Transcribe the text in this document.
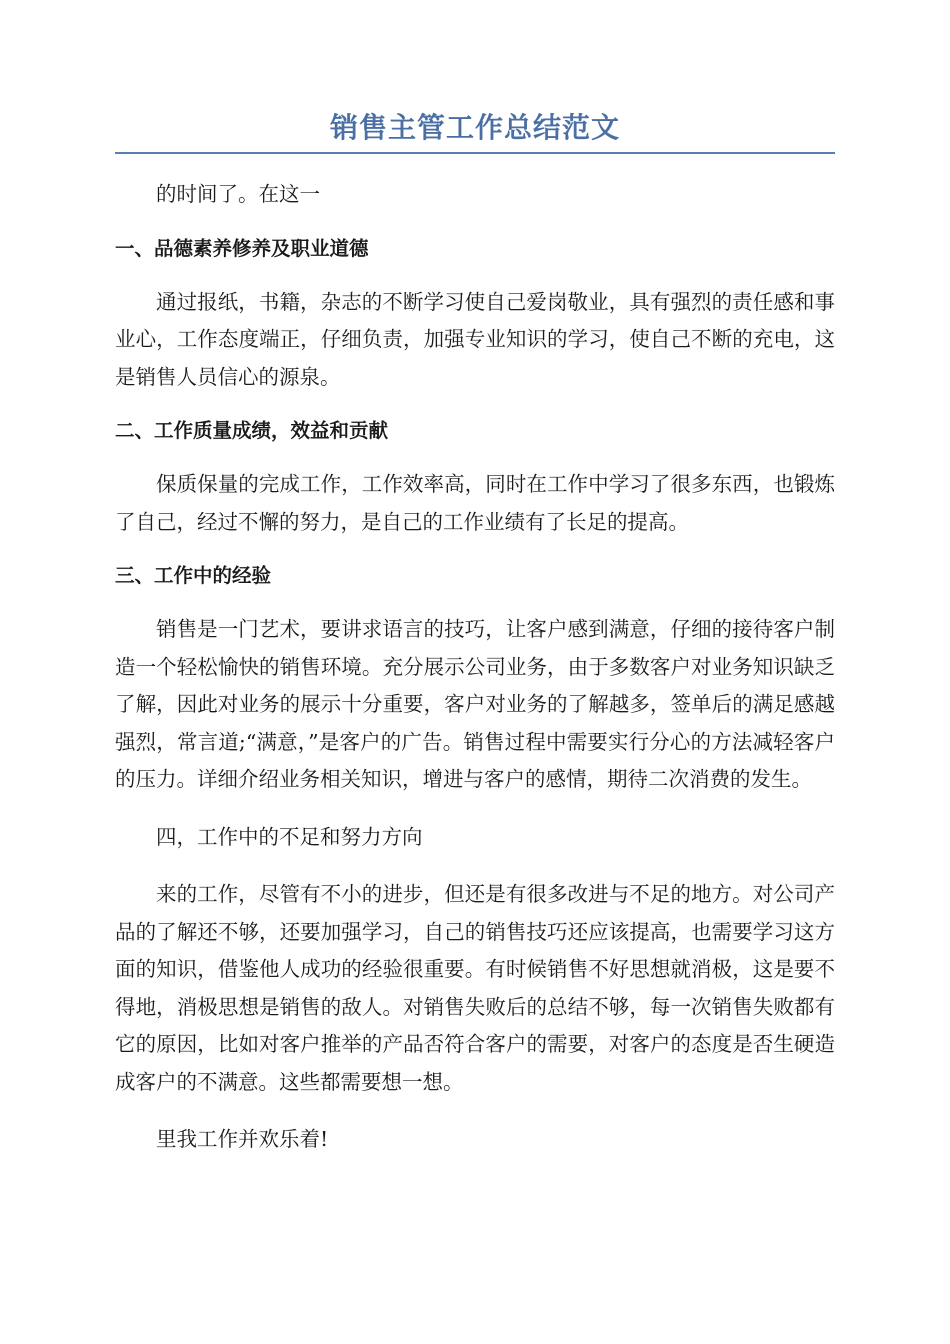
销售主管工作总结范文

的时间了。在这一

一、品德素养修养及职业道德

通过报纸，书籍，杂志的不断学习使自己爱岗敬业，具有强烈的责任感和事业心，工作态度端正，仔细负责，加强专业知识的学习，使自己不断的充电，这是销售人员信心的源泉。

二、工作质量成绩，效益和贡献

保质保量的完成工作，工作效率高，同时在工作中学习了很多东西，也锻炼了自己，经过不懈的努力，是自己的工作业绩有了长足的提高。

三、工作中的经验

销售是一门艺术，要讲求语言的技巧，让客户感到满意，仔细的接待客户制造一个轻松愉快的销售环境。充分展示公司业务，由于多数客户对业务知识缺乏了解，因此对业务的展示十分重要，客户对业务的了解越多，签单后的满足感越强烈，常言道;“满意，”是客户的广告。销售过程中需要实行分心的方法减轻客户的压力。详细介绍业务相关知识，增进与客户的感情，期待二次消费的发生。

四，工作中的不足和努力方向

来的工作，尽管有不小的进步，但还是有很多改进与不足的地方。对公司产品的了解还不够，还要加强学习，自己的销售技巧还应该提高，也需要学习这方面的知识，借鉴他人成功的经验很重要。有时候销售不好思想就消极，这是要不得地，消极思想是销售的敌人。对销售失败后的总结不够，每一次销售失败都有它的原因，比如对客户推举的产品否符合客户的需要，对客户的态度是否生硬造成客户的不满意。这些都需要想一想。

里我工作并欢乐着!
